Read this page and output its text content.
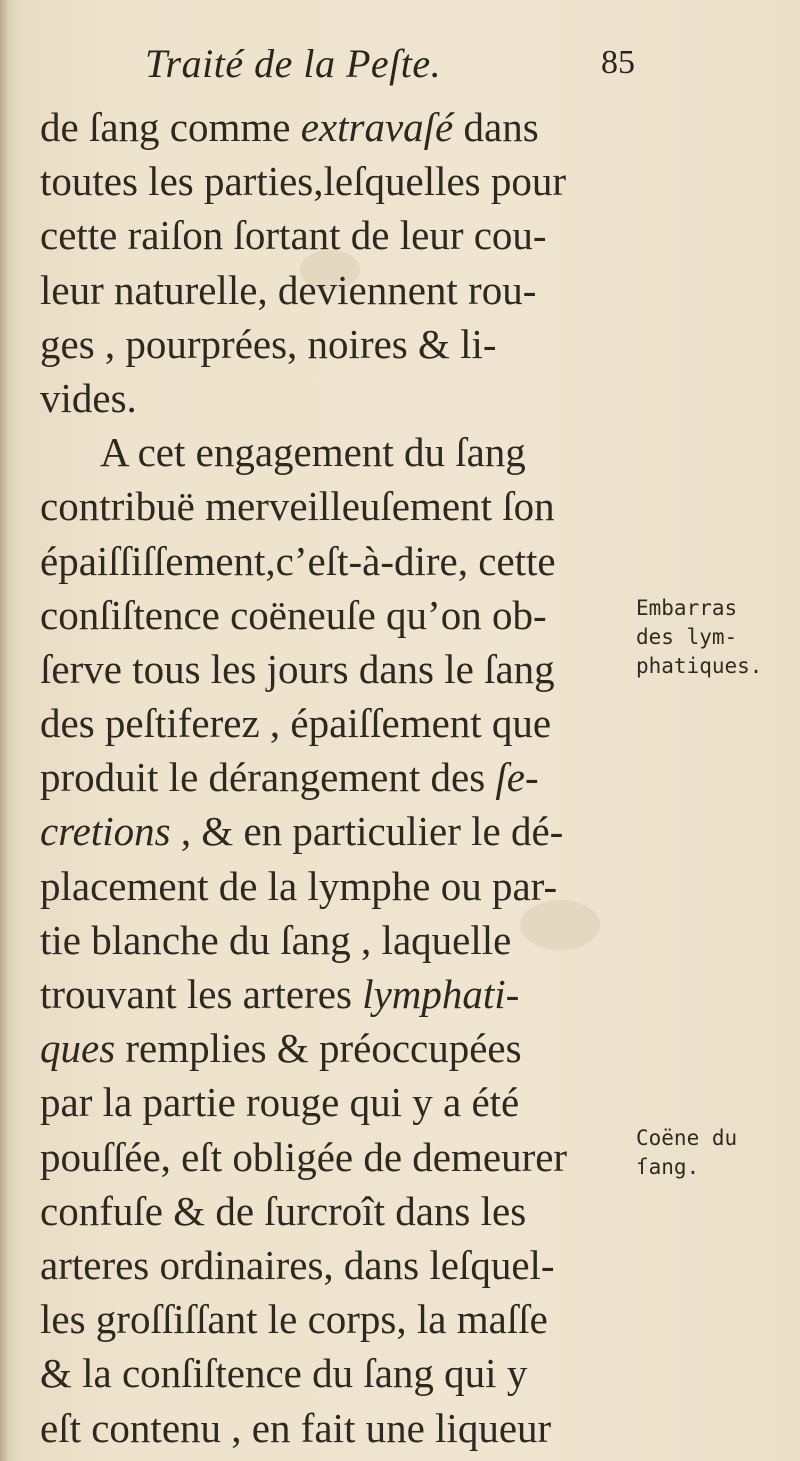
Traité de la Peſte.	85
de ſang comme extravaſé dans
toutes les parties,leſquelles pour
cette raiſon ſortant de leur cou-
leur naturelle, deviennent rou-
ges , pourprées, noires & li-
vides.
A cet engagement du ſang
contribuë merveilleuſement ſon
épaiſſiſſement,c’eſt-à-dire, cette
conſiſtence coëneuſe qu’on ob-
ſerve tous les jours dans le ſang
des peſtiferez , épaiſſement que
produit le dérangement des ſe-
cretions , & en particulier le dé-
placement de la lymphe ou par-
tie blanche du ſang , laquelle
trouvant les arteres lymphati-
ques remplies & préoccupées
par la partie rouge qui y a été
pouſſée, eſt obligée de demeurer
confuſe & de ſurcroît dans les
arteres ordinaires, dans leſquel-
les groſſiſſant le corps, la maſſe
& la conſiſtence du ſang qui y
eſt contenu , en fait une liqueur
Embarras
des lym-
phatiques.
Coëne du
ſang.
